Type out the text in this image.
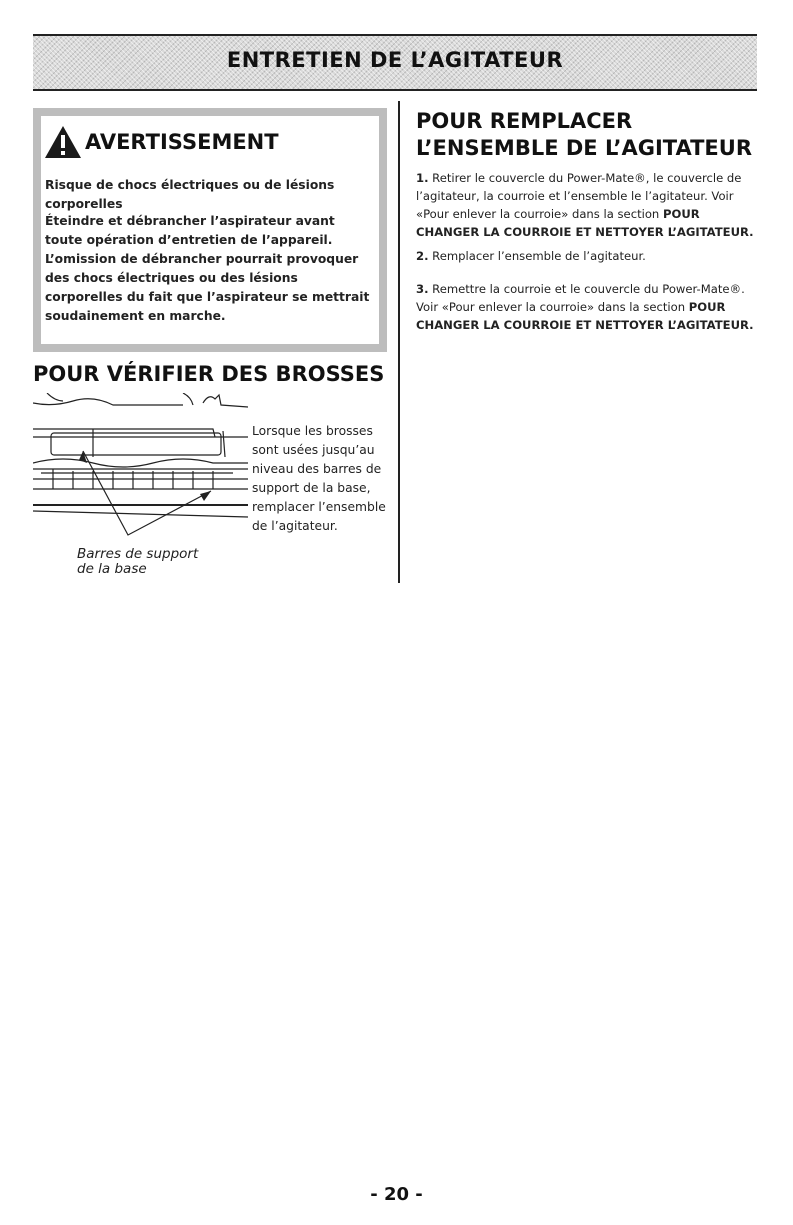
ENTRETIEN DE L’AGITATEUR
AVERTISSEMENT
Risque de chocs électriques ou de lésions corporelles
Éteindre et débrancher l’aspirateur avant toute opération d’entretien de l’appareil. L’omission de débrancher pourrait provoquer des chocs électriques ou des lésions corporelles du fait que l’aspirateur se mettrait soudainement en marche.
POUR VÉRIFIER DES BROSSES
Barres de support de la base
Lorsque les brosses sont usées jusqu’au niveau des barres de support de la base, remplacer l’ensemble de l’agitateur.
POUR REMPLACER L’ENSEMBLE DE L’AGITATEUR
1. Retirer le couvercle du Power-Mate®, le couvercle de l’agitateur, la courroie et l’ensemble le l’agitateur. Voir «Pour enlever la courroie» dans la section POUR CHANGER LA COURROIE ET NETTOYER L’AGITATEUR.
2. Remplacer l’ensemble de l’agitateur.
3. Remettre la courroie et le couvercle du Power-Mate®. Voir «Pour enlever la courroie» dans la section POUR CHANGER LA COURROIE ET NETTOYER L’AGITATEUR.
- 20 -
